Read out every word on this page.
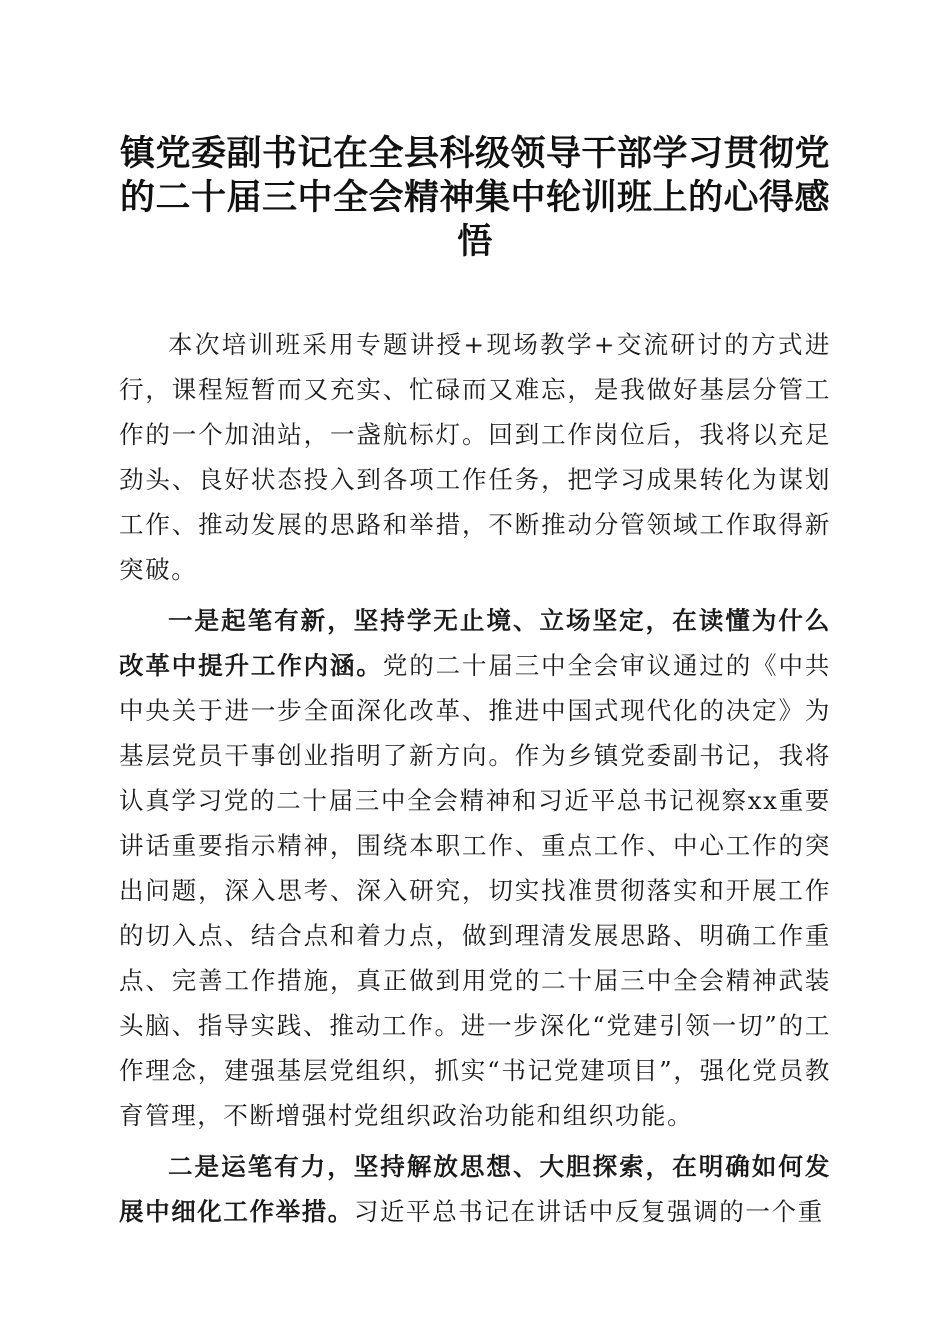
镇党委副书记在全县科级领导干部学习贯彻党的二十届三中全会精神集中轮训班上的心得感悟

本次培训班采用专题讲授+现场教学+交流研讨的方式进行，课程短暂而又充实、忙碌而又难忘，是我做好基层分管工作的一个加油站，一盏航标灯。回到工作岗位后，我将以充足劲头、良好状态投入到各项工作任务，把学习成果转化为谋划工作、推动发展的思路和举措，不断推动分管领域工作取得新突破。

一是起笔有新，坚持学无止境、立场坚定，在读懂为什么改革中提升工作内涵。党的二十届三中全会审议通过的《中共中央关于进一步全面深化改革、推进中国式现代化的决定》为基层党员干事创业指明了新方向。作为乡镇党委副书记，我将认真学习党的二十届三中全会精神和习近平总书记视察xx重要讲话重要指示精神，围绕本职工作、重点工作、中心工作的突出问题，深入思考、深入研究，切实找准贯彻落实和开展工作的切入点、结合点和着力点，做到理清发展思路、明确工作重点、完善工作措施，真正做到用党的二十届三中全会精神武装头脑、指导实践、推动工作。进一步深化“党建引领一切”的工作理念，建强基层党组织，抓实“书记党建项目”，强化党员教育管理，不断增强村党组织政治功能和组织功能。

二是运笔有力，坚持解放思想、大胆探索，在明确如何发展中细化工作举措。习近平总书记在讲话中反复强调的一个重
